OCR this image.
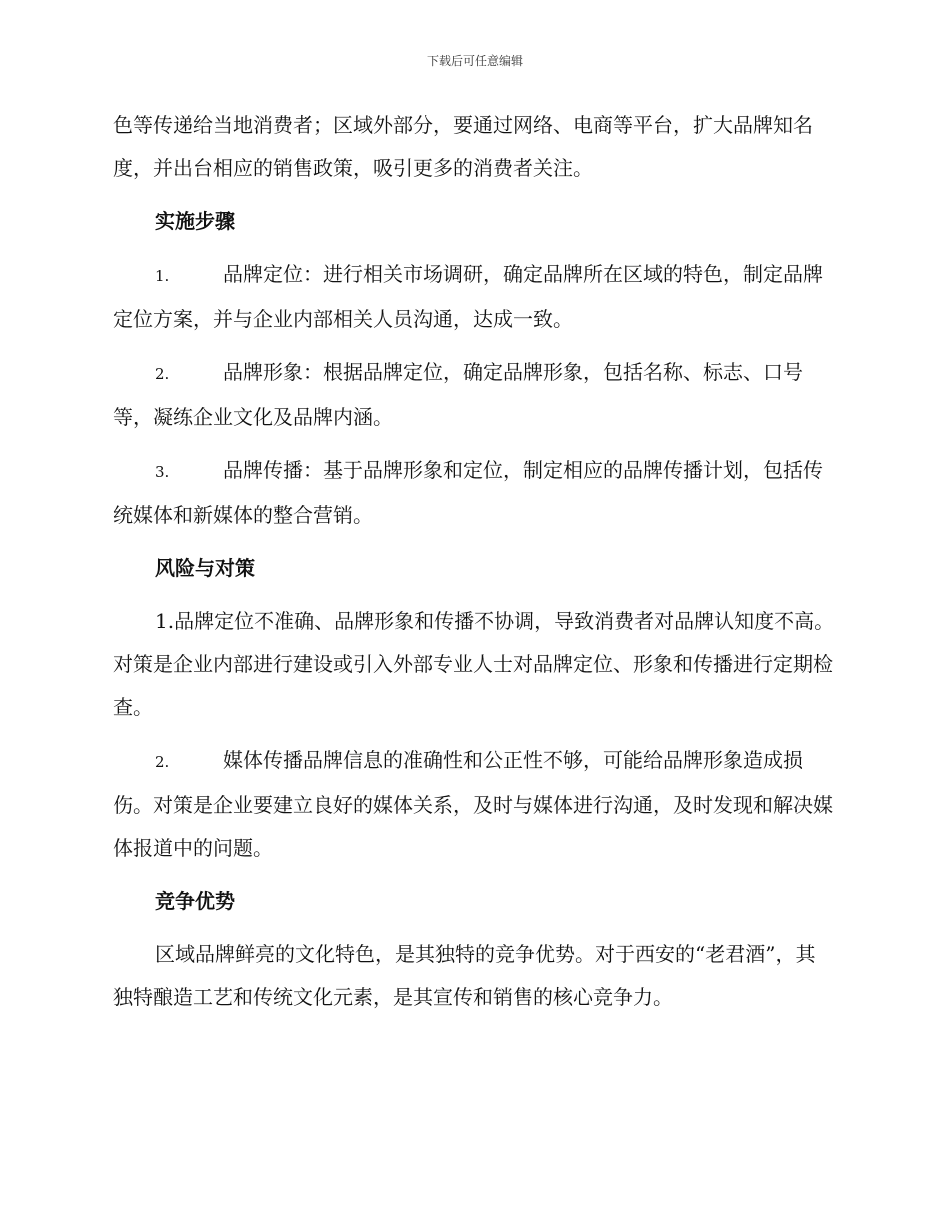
下载后可任意编辑

色等传递给当地消费者；区域外部分，要通过网络、电商等平台，扩大品牌知名度，并出台相应的销售政策，吸引更多的消费者关注。

实施步骤

1.	品牌定位：进行相关市场调研，确定品牌所在区域的特色，制定品牌定位方案，并与企业内部相关人员沟通，达成一致。

2.	品牌形象：根据品牌定位，确定品牌形象，包括名称、标志、口号等，凝练企业文化及品牌内涵。

3.	品牌传播：基于品牌形象和定位，制定相应的品牌传播计划，包括传统媒体和新媒体的整合营销。

风险与对策

1.品牌定位不准确、品牌形象和传播不协调，导致消费者对品牌认知度不高。对策是企业内部进行建设或引入外部专业人士对品牌定位、形象和传播进行定期检查。

2.	媒体传播品牌信息的准确性和公正性不够，可能给品牌形象造成损伤。对策是企业要建立良好的媒体关系，及时与媒体进行沟通，及时发现和解决媒体报道中的问题。

竞争优势

区域品牌鲜亮的文化特色，是其独特的竞争优势。对于西安的“老君酒”，其独特酿造工艺和传统文化元素，是其宣传和销售的核心竞争力。
